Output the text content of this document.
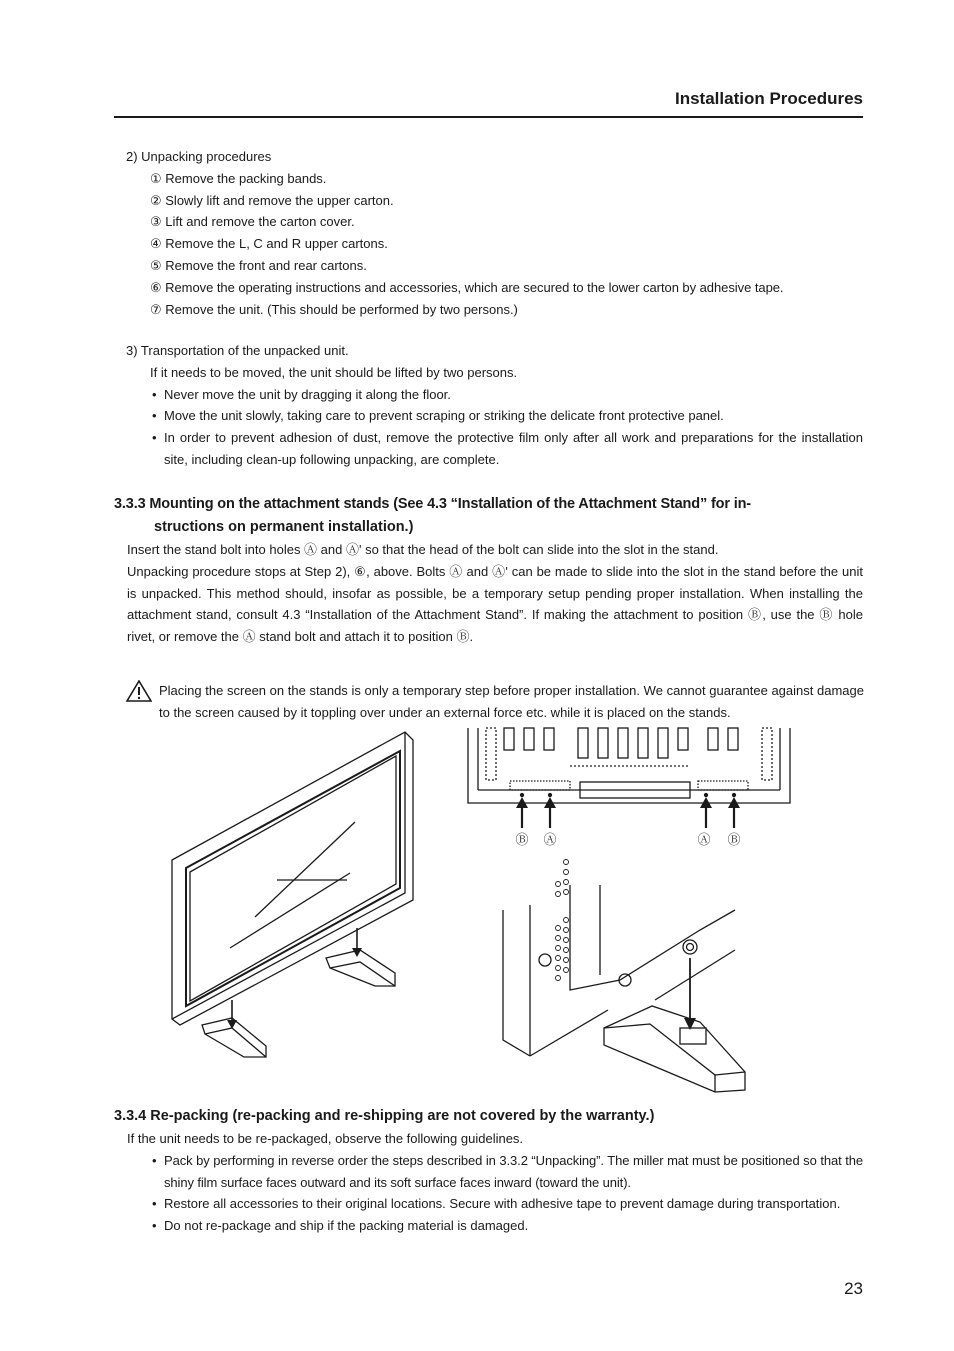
Installation Procedures
2) Unpacking procedures
① Remove the packing bands.
② Slowly lift and remove the upper carton.
③ Lift and remove the carton cover.
④ Remove the L, C and R upper cartons.
⑤ Remove the front and rear cartons.
⑥ Remove the operating instructions and accessories, which are secured to the lower carton by adhesive tape.
⑦ Remove the unit. (This should be performed by two persons.)
3) Transportation of the unpacked unit.
If it needs to be moved, the unit should be lifted by two persons.
• Never move the unit by dragging it along the floor.
• Move the unit slowly, taking care to prevent scraping or striking the delicate front protective panel.
• In order to prevent adhesion of dust, remove the protective film only after all work and preparations for the installation site, including clean-up following unpacking, are complete.
3.3.3 Mounting on the attachment stands (See 4.3 “Installation of the Attachment Stand” for in-
structions on permanent installation.)
Insert the stand bolt into holes Ⓐ and Ⓐ' so that the head of the bolt can slide into the slot in the stand.
Unpacking procedure stops at Step 2), ⑥, above. Bolts Ⓐ and Ⓐ' can be made to slide into the slot in the stand before the unit is unpacked. This method should, insofar as possible, be a temporary setup pending proper installation. When installing the attachment stand, consult 4.3 “Installation of the Attachment Stand”. If making the attachment to position Ⓑ, use the Ⓑ hole rivet, or remove the Ⓐ stand bolt and attach it to position Ⓑ.
Placing the screen on the stands is only a temporary step before proper installation. We cannot guarantee against damage to the screen caused by it toppling over under an external force etc. while it is placed on the stands.
Ⓑ Ⓐ	Ⓐ Ⓑ
3.3.4 Re-packing (re-packing and re-shipping are not covered by the warranty.)
If the unit needs to be re-packaged, observe the following guidelines.
• Pack by performing in reverse order the steps described in 3.3.2 “Unpacking”. The miller mat must be positioned so that the shiny film surface faces outward and its soft surface faces inward (toward the unit).
• Restore all accessories to their original locations. Secure with adhesive tape to prevent damage during transportation.
• Do not re-package and ship if the packing material is damaged.
23
